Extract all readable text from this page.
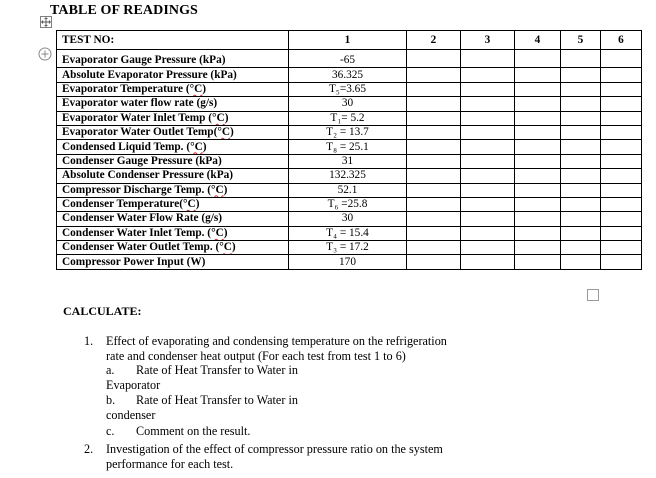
TABLE OF READINGS
TEST NO:	1	2	3	4	5	6

Evaporator Gauge Pressure (kPa)	-65					
Absolute Evaporator Pressure (kPa)	36.325					
Evaporator Temperature (°C)	T₅=3.65					
Evaporator water flow rate (g/s)	30					
Evaporator Water Inlet Temp (°C)	T₁= 5.2					
Evaporator Water Outlet Temp(°C)	T₂ = 13.7					
Condensed Liquid Temp. (°C)	T₈ = 25.1					
Condenser Gauge Pressure (kPa)	31					
Absolute Condenser Pressure (kPa)	132.325					
Compressor Discharge Temp. (°C)	52.1					
Condenser Temperature(°C)	T₆ =25.8					
Condenser Water Flow Rate (g/s)	30					
Condenser Water Inlet Temp. (°C)	T₄ = 15.4					
Condenser Water Outlet Temp. (°C)	T₃ = 17.2					
Compressor Power Input (W)	170					
CALCULATE:
1. Effect of evaporating and condensing temperature on the refrigeration
rate and condenser heat output (For each test from test 1 to 6)
a. Rate of Heat Transfer to Water in
Evaporator
b. Rate of Heat Transfer to Water in
condenser
c. Comment on the result.
2. Investigation of the effect of compressor pressure ratio on the system
performance for each test.
